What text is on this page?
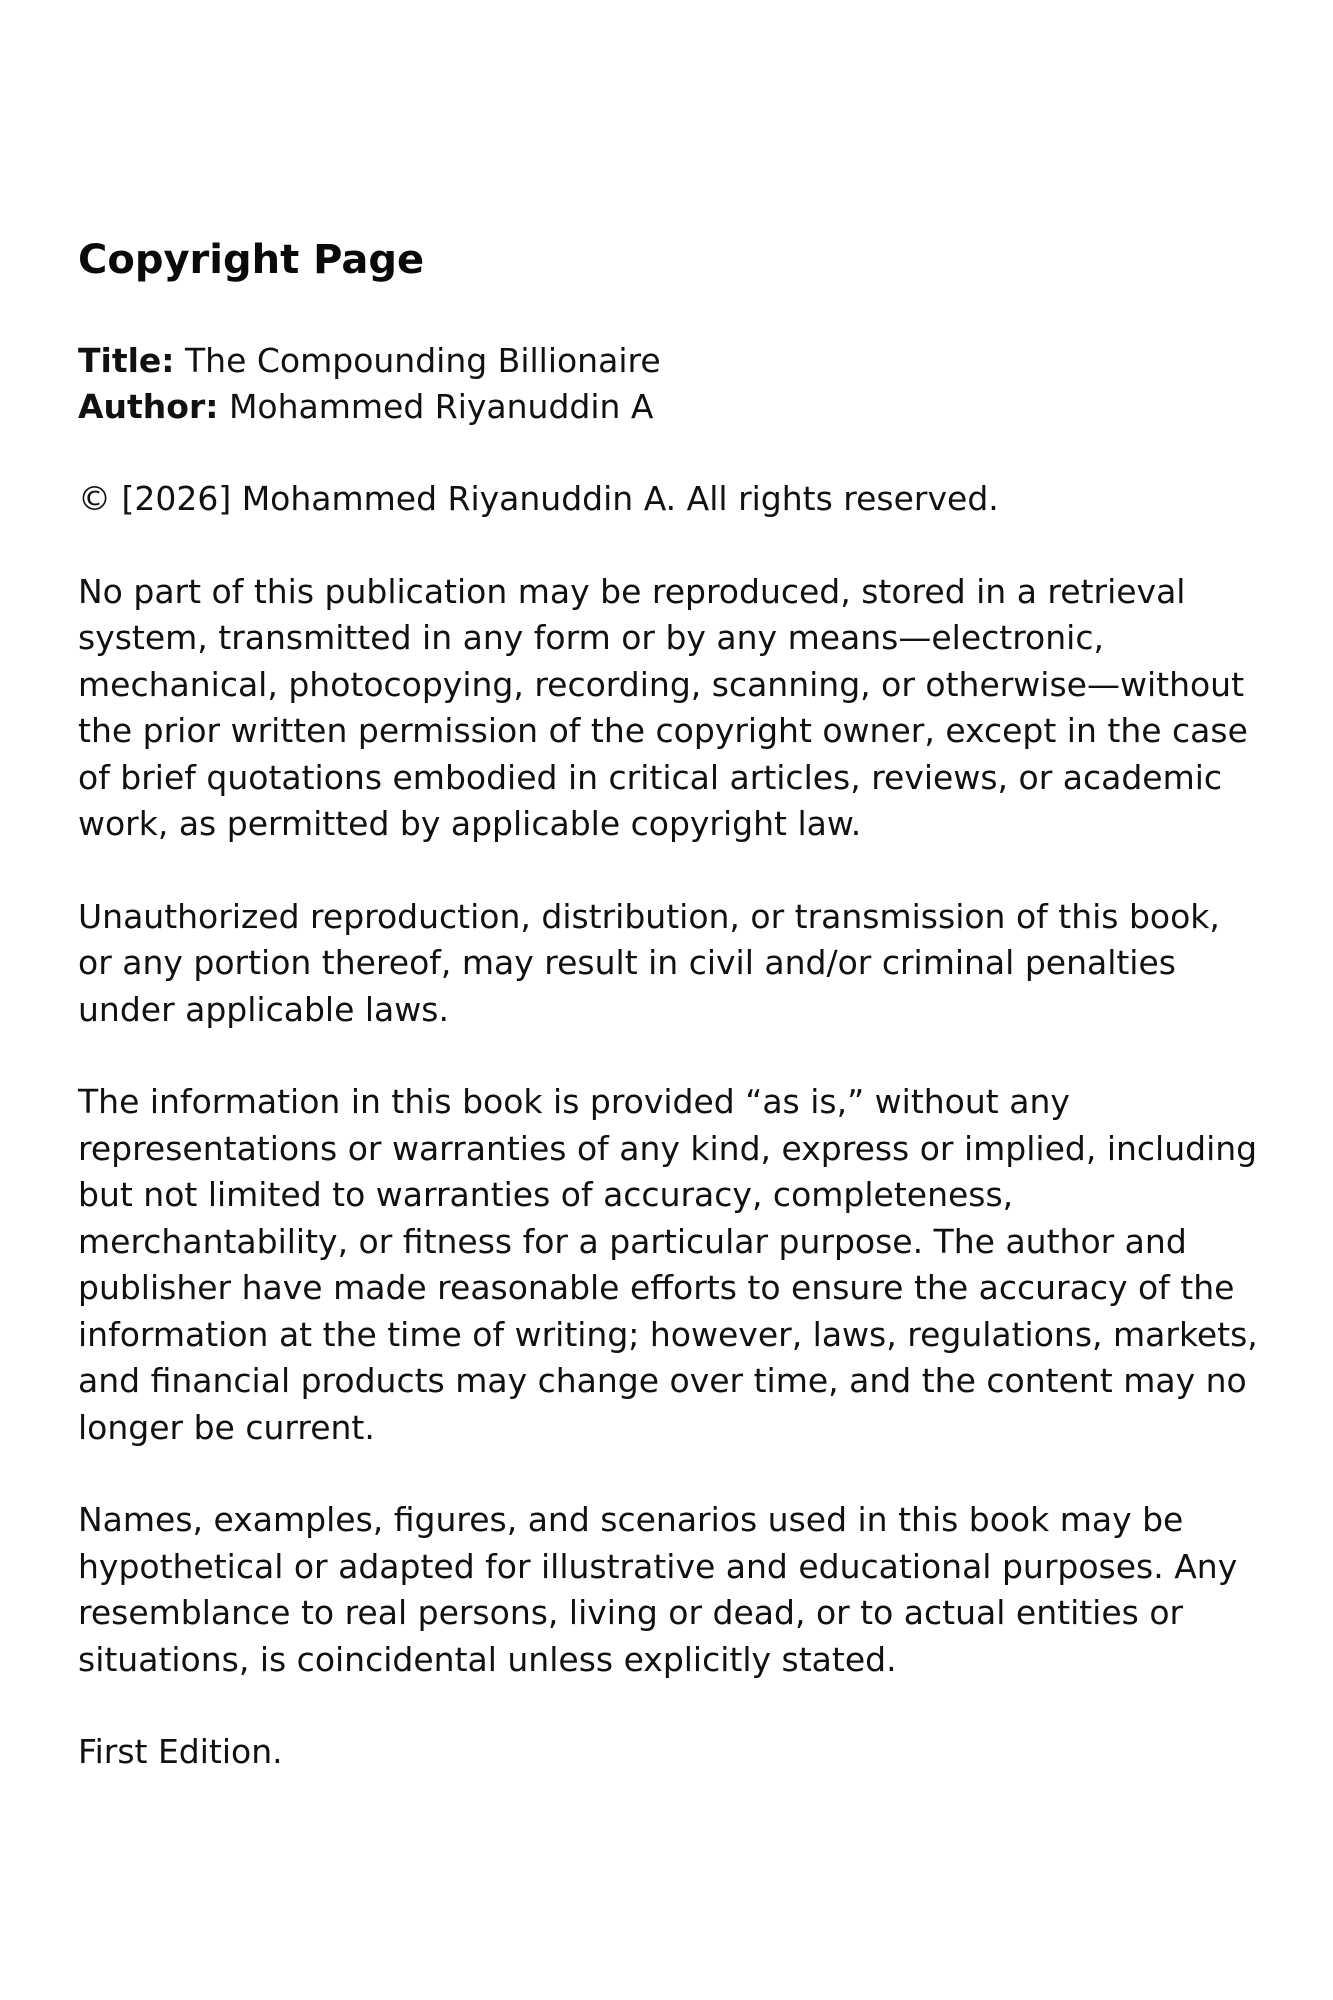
Copyright Page
Title: The Compounding Billionaire
Author: Mohammed Riyanuddin A

© [2026] Mohammed Riyanuddin A. All rights reserved.

No part of this publication may be reproduced, stored in a retrieval system, transmitted in any form or by any means—electronic, mechanical, photocopying, recording, scanning, or otherwise—without the prior written permission of the copyright owner, except in the case of brief quotations embodied in critical articles, reviews, or academic work, as permitted by applicable copyright law.

Unauthorized reproduction, distribution, or transmission of this book, or any portion thereof, may result in civil and/or criminal penalties under applicable laws.

The information in this book is provided “as is,” without any representations or warranties of any kind, express or implied, including but not limited to warranties of accuracy, completeness, merchantability, or fitness for a particular purpose. The author and publisher have made reasonable efforts to ensure the accuracy of the information at the time of writing; however, laws, regulations, markets, and financial products may change over time, and the content may no longer be current.

Names, examples, figures, and scenarios used in this book may be hypothetical or adapted for illustrative and educational purposes. Any resemblance to real persons, living or dead, or to actual entities or situations, is coincidental unless explicitly stated.

First Edition.
